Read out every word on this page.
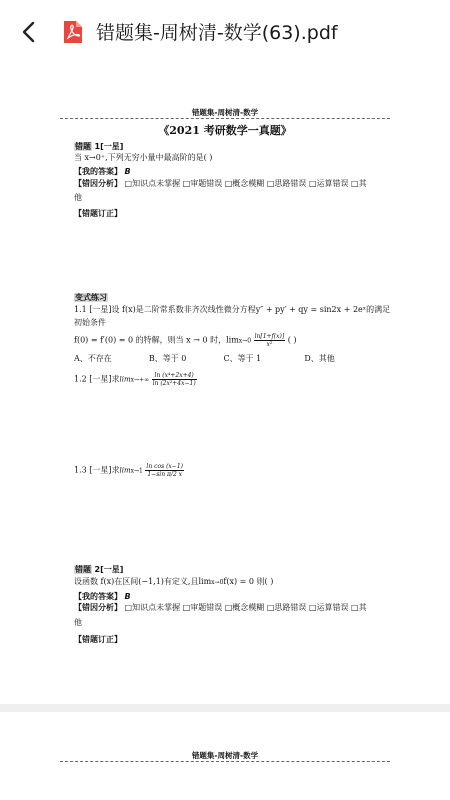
错题集-周树清-数学(63).pdf
错题集-周树清-数学
《2021 考研数学一真题》
错题 1[一星]
当 x→0⁺,下列无穷小量中最高阶的是( )
【我的答案】 B
【错因分析】 □知识点未掌握 □审题错误 □概念模糊 □思路错误 □运算错误 □其
他
【错题订正】
变式练习
1.1 [一星]设 f(x)是二阶常系数非齐次线性微分方程y″ + py′ + qy = sin2x + 2eˣ的满足
初始条件
f(0) = f′(0) = 0 的特解，则当 x → 0 时，$\lim x\to 0 \frac{\ln[1+f(x)]}{\text{x²}}$ ( )
A、不存在	B、等于 0	C、等于 1	D、其他
1.2 [一星]求$\lim x\to+\infty \frac{\text{ln (x⁴+2x+4)}}{\text{ln (2x²+4x−1)}}$
1.3 [一星]求$\lim x\to 1 \frac{\text{ln cos (x−1)}}{\text{1−sin π/2 x}}$
错题 2[一星]
设函数 f(x)在区间(−1,1)有定义,且limx→0f(x) = 0 则( )
【我的答案】 B
【错因分析】 □知识点未掌握 □审题错误 □概念模糊 □思路错误 □运算错误 □其
他
【错题订正】
错题集-周树清-数学
